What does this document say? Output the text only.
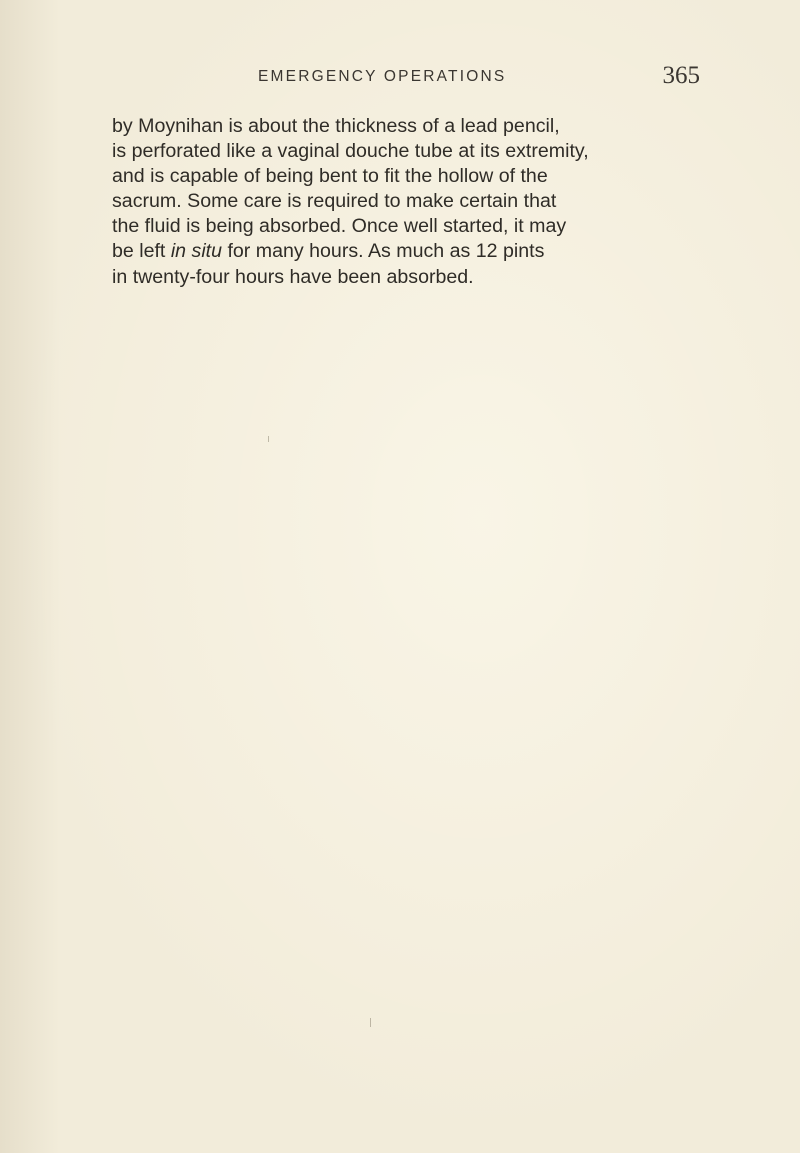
EMERGENCY OPERATIONS	365
by Moynihan is about the thickness of a lead pencil,
is perforated like a vaginal douche tube at its extremity,
and is capable of being bent to fit the hollow of the
sacrum. Some care is required to make certain that
the fluid is being absorbed. Once well started, it may
be left in situ for many hours. As much as 12 pints
in twenty-four hours have been absorbed.
